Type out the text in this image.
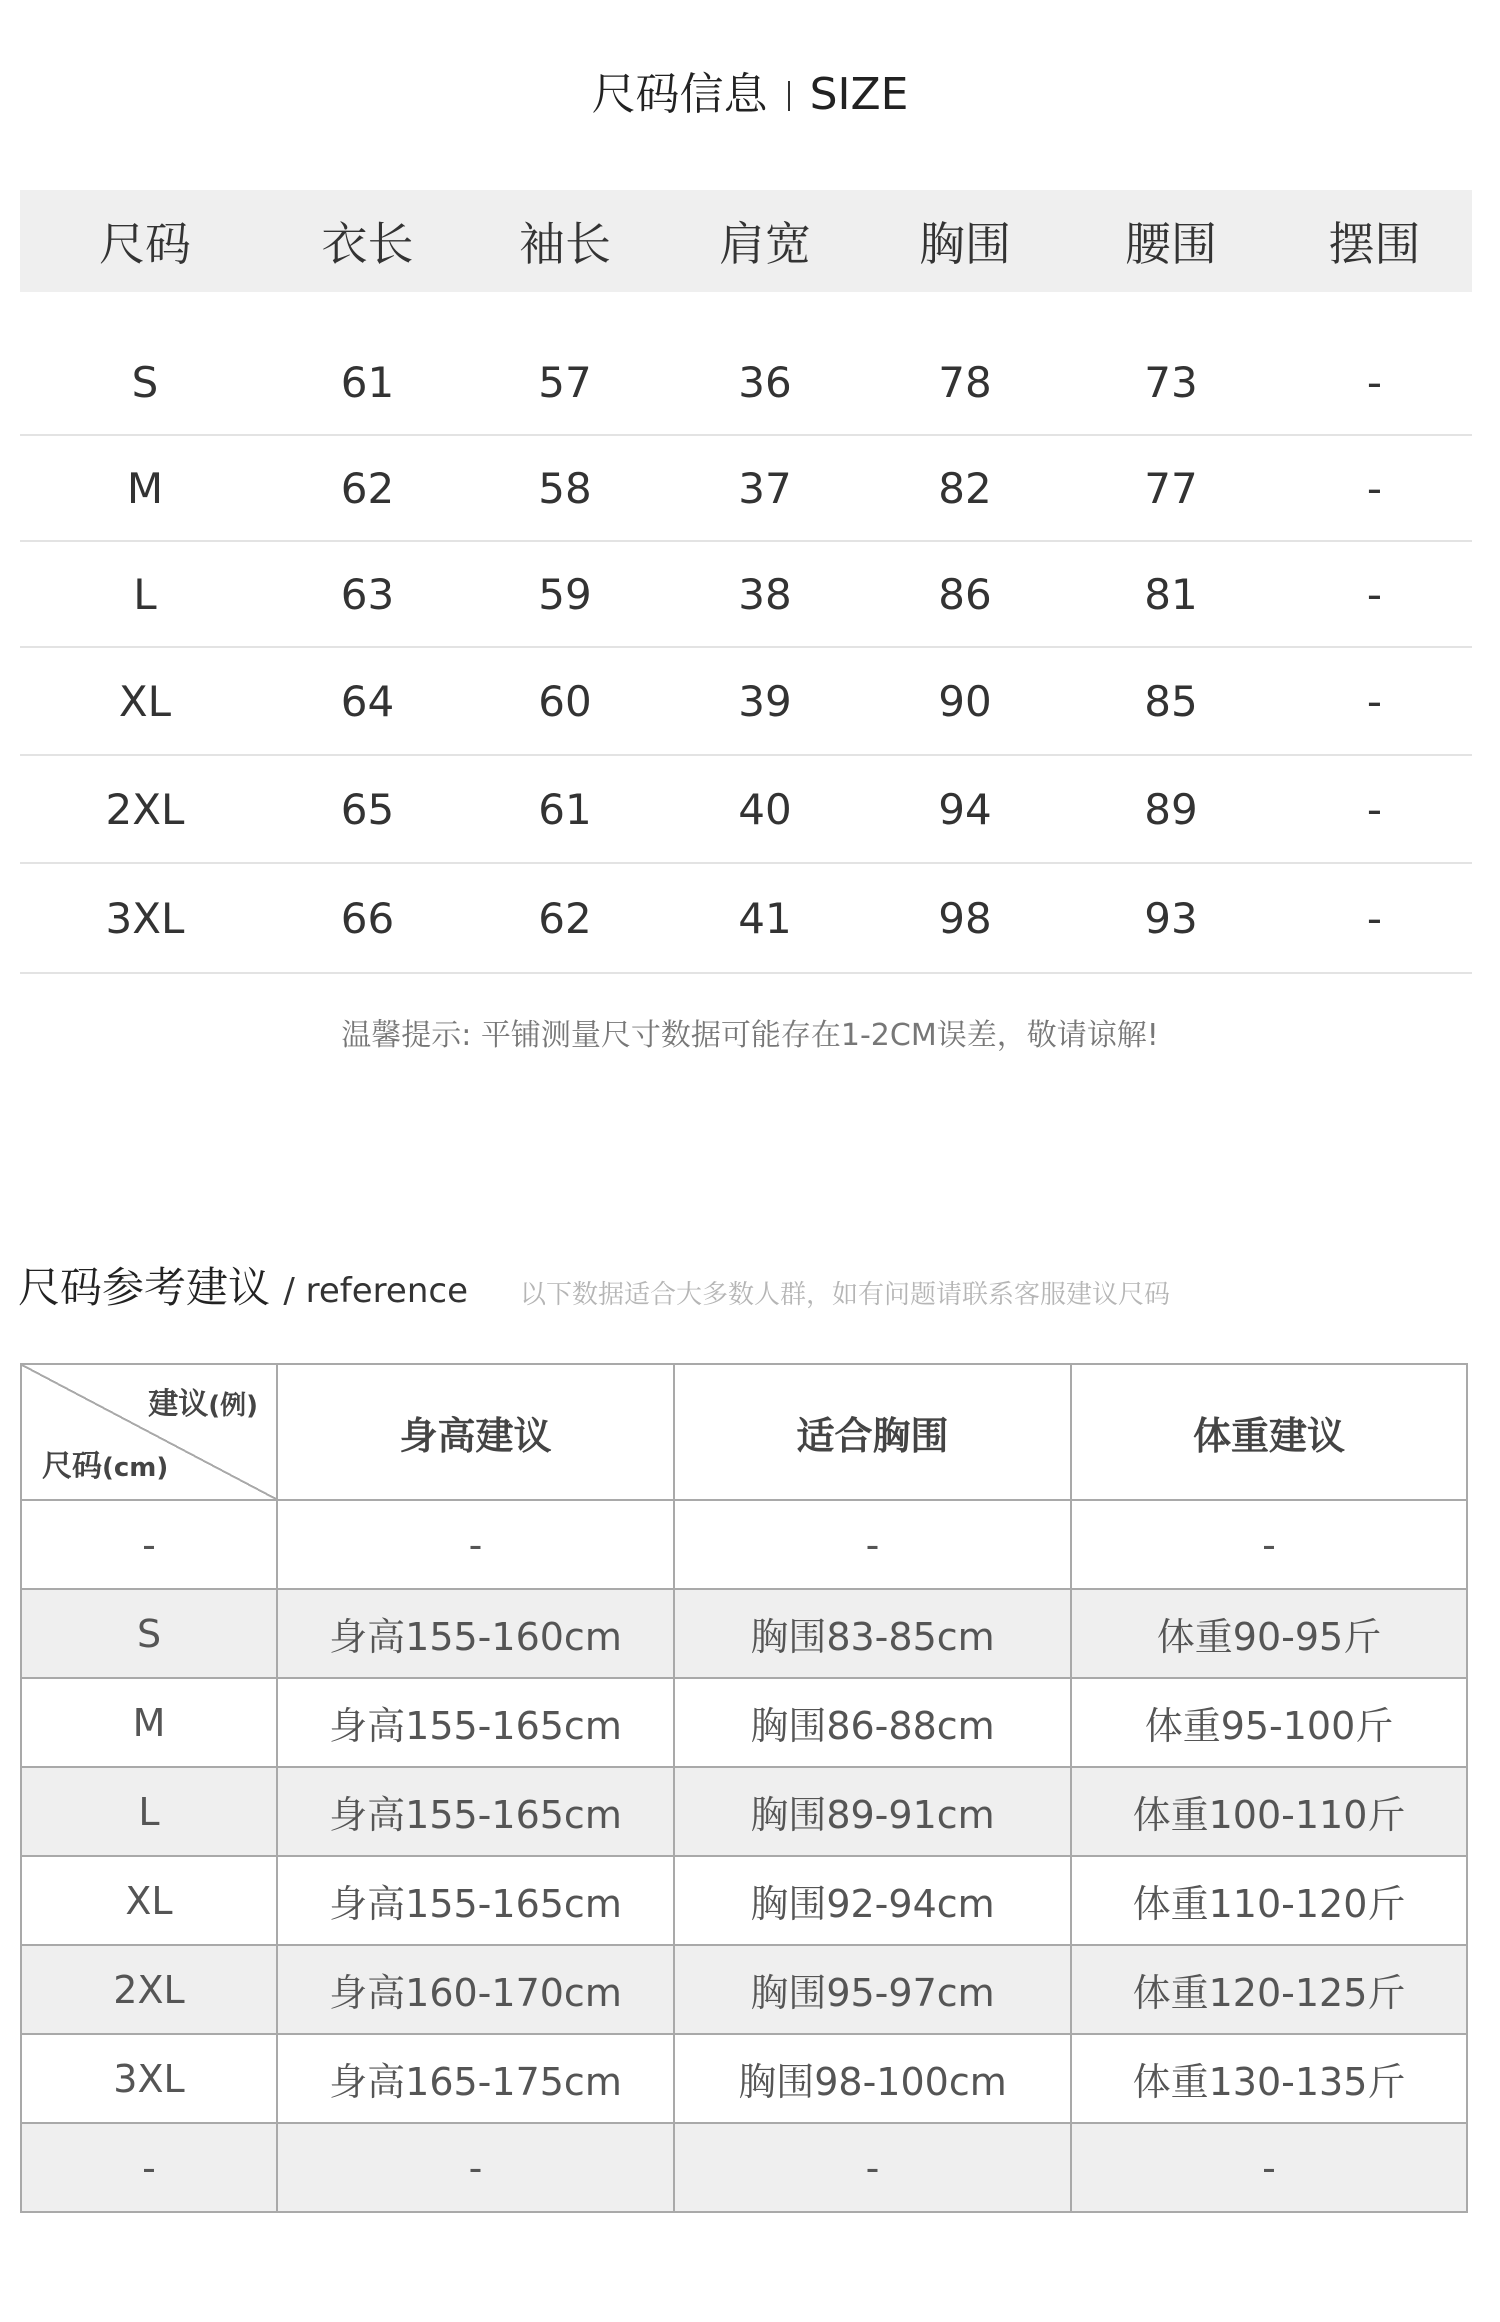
尺码信息 SIZE
尺码	衣长	袖长	肩宽	胸围	腰围	摆围
S	61	57	36	78	73	-
M	62	58	37	82	77	-
L	63	59	38	86	81	-
XL	64	60	39	90	85	-
2XL	65	61	40	94	89	-
3XL	66	62	41	98	93	-
温馨提示: 平铺测量尺寸数据可能存在1-2CM误差，敬请谅解!
尺码参考建议 / reference 以下数据适合大多数人群，如有问题请联系客服建议尺码
建议(例)
尺码(cm)	身高建议	适合胸围	体重建议
-	-	-	-
S	身高155-160cm	胸围83-85cm	体重90-95斤
M	身高155-165cm	胸围86-88cm	体重95-100斤
L	身高155-165cm	胸围89-91cm	体重100-110斤
XL	身高155-165cm	胸围92-94cm	体重110-120斤
2XL	身高160-170cm	胸围95-97cm	体重120-125斤
3XL	身高165-175cm	胸围98-100cm	体重130-135斤
-	-	-	-
